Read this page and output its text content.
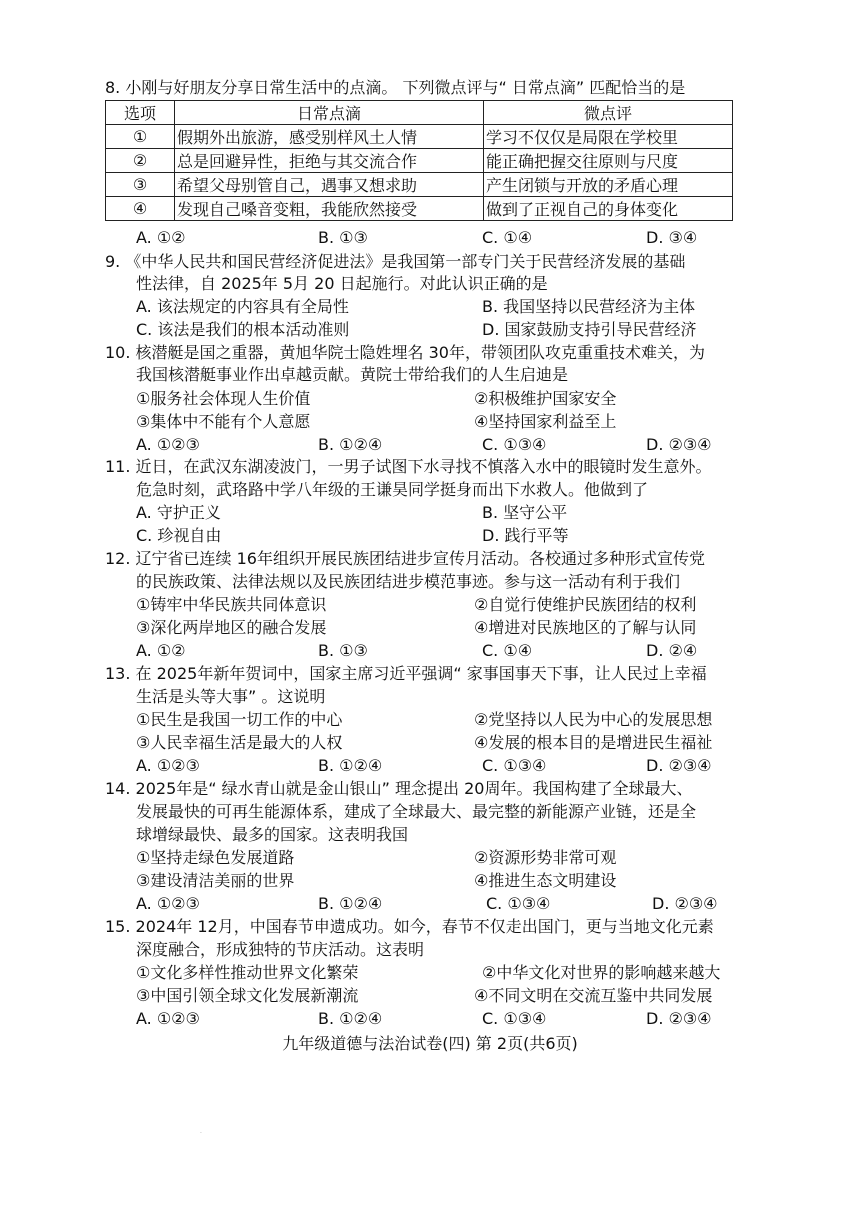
8. 小刚与好朋友分享日常生活中的点滴。 下列微点评与“ 日常点滴” 匹配恰当的是
选项	日常点滴	微点评
①	假期外出旅游，感受别样风土人情	学习不仅仅是局限在学校里
②	总是回避异性，拒绝与其交流合作	能正确把握交往原则与尺度
③	希望父母别管自己，遇事又想求助	产生闭锁与开放的矛盾心理
④	发现自己嗓音变粗，我能欣然接受	做到了正视自己的身体变化
A. ①②	B. ①③	C. ①④	D. ③④
9. 《中华人民共和国民营经济促进法》是我国第一部专门关于民营经济发展的基础
性法律，自 2025年 5月 20 日起施行。对此认识正确的是
A. 该法规定的内容具有全局性	B. 我国坚持以民营经济为主体
C. 该法是我们的根本活动准则	D. 国家鼓励支持引导民营经济
10. 核潜艇是国之重器，黄旭华院士隐姓埋名 30年，带领团队攻克重重技术难关，为
我国核潜艇事业作出卓越贡献。黄院士带给我们的人生启迪是
①服务社会体现人生价值	②积极维护国家安全
③集体中不能有个人意愿	④坚持国家利益至上
A. ①②③	B. ①②④	C. ①③④	D. ②③④
11. 近日，在武汉东湖凌波门，一男子试图下水寻找不慎落入水中的眼镜时发生意外。
危急时刻，武珞路中学八年级的王谦昊同学挺身而出下水救人。他做到了
A. 守护正义	B. 坚守公平
C. 珍视自由	D. 践行平等
12. 辽宁省已连续 16年组织开展民族团结进步宣传月活动。各校通过多种形式宣传党
的民族政策、法律法规以及民族团结进步模范事迹。参与这一活动有利于我们
①铸牢中华民族共同体意识	②自觉行使维护民族团结的权利
③深化两岸地区的融合发展	④增进对民族地区的了解与认同
A. ①②	B. ①③	C. ①④	D. ②④
13. 在 2025年新年贺词中，国家主席习近平强调“ 家事国事天下事，让人民过上幸福
生活是头等大事” 。这说明
①民生是我国一切工作的中心	②党坚持以人民为中心的发展思想
③人民幸福生活是最大的人权	④发展的根本目的是增进民生福祉
A. ①②③	B. ①②④	C. ①③④	D. ②③④
14. 2025年是“ 绿水青山就是金山银山” 理念提出 20周年。我国构建了全球最大、
发展最快的可再生能源体系，建成了全球最大、最完整的新能源产业链，还是全
球增绿最快、最多的国家。这表明我国
①坚持走绿色发展道路	②资源形势非常可观
③建设清洁美丽的世界	④推进生态文明建设
A. ①②③	B. ①②④	C. ①③④	D. ②③④
15. 2024年 12月，中国春节申遗成功。如今，春节不仅走出国门，更与当地文化元素
深度融合，形成独特的节庆活动。这表明
①文化多样性推动世界文化繁荣	②中华文化对世界的影响越来越大
③中国引领全球文化发展新潮流	④不同文明在交流互鉴中共同发展
A. ①②③	B. ①②④	C. ①③④	D. ②③④
九年级道德与法治试卷(四) 第 2页(共6页)
·
